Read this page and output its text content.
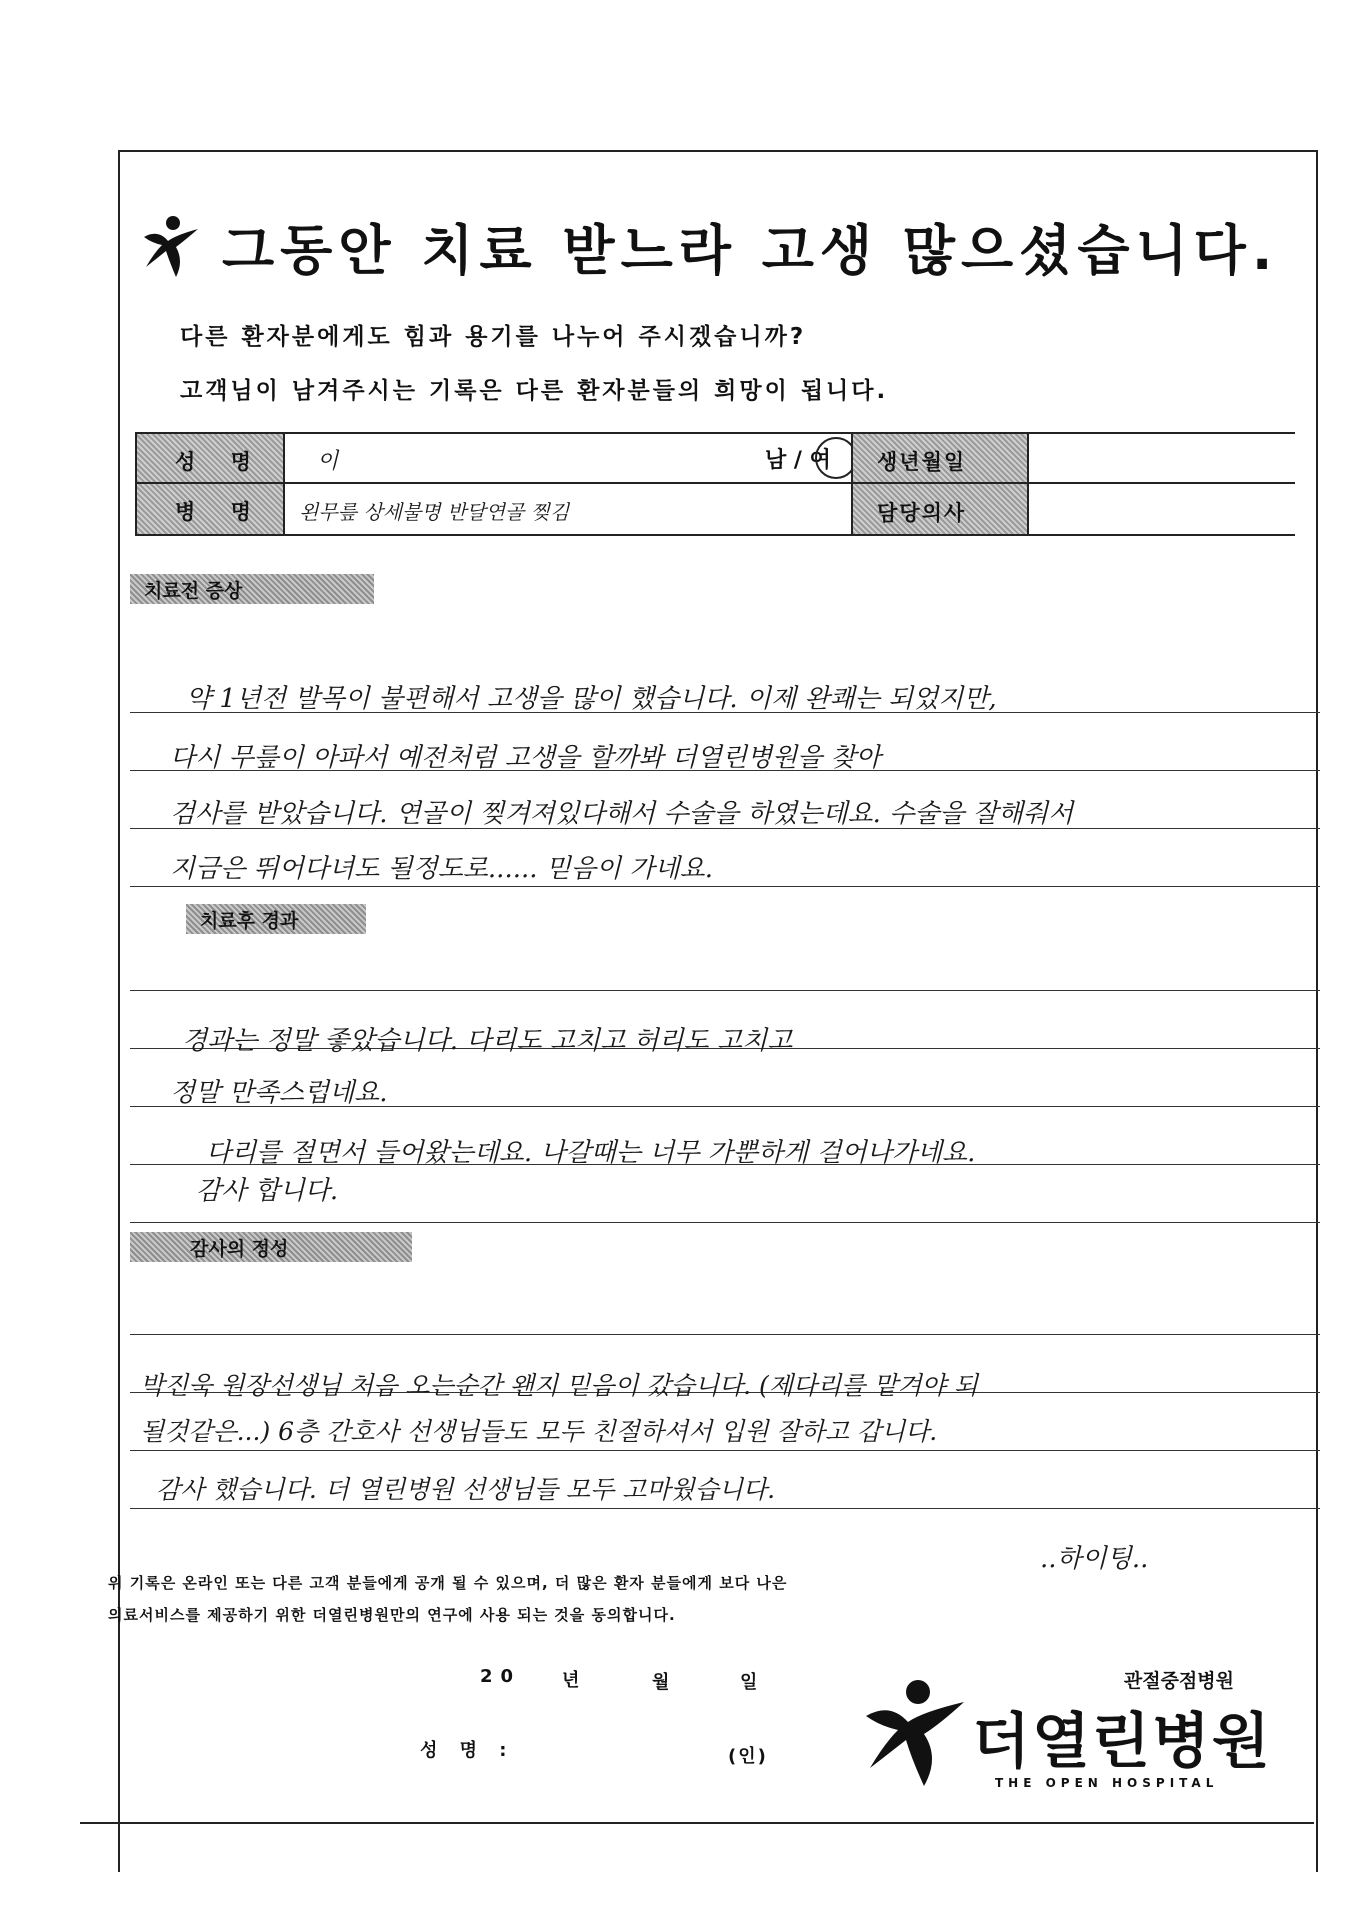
그동안 치료 받느라 고생 많으셨습니다.
다른 환자분에게도 힘과 용기를 나누어 주시겠습니까?
고객님이 남겨주시는 기록은 다른 환자분들의 희망이 됩니다.
성 명 이	남 / 여 생년월일
병 명 왼무릎 상세불명 반달연골 찢김	담당의사
치료전 증상
약 1년전 발목이 불편해서 고생을 많이 했습니다. 이제 완쾌는 되었지만,
다시 무릎이 아파서 예전처럼 고생을 할까봐 더열린병원을 찾아
검사를 받았습니다. 연골이 찢겨져있다해서 수술을 하였는데요. 수술을 잘해줘서
지금은 뛰어다녀도 될정도로...... 믿음이 가네요.
치료후 경과
경과는 정말 좋았습니다. 다리도 고치고 허리도 고치고
정말 만족스럽네요.
다리를 절면서 들어왔는데요. 나갈때는 너무 가뿐하게 걸어나가네요.
감사 합니다.
감사의 정성
박진욱 원장선생님 처음 오는순간 왠지 믿음이 갔습니다. (제다리를 맡겨야 되
될것같은...) 6층 간호사 선생님들도 모두 친절하셔서 입원 잘하고 갑니다.
감사 했습니다. 더 열린병원 선생님들 모두 고마웠습니다.
..하이팅..
위 기록은 온라인 또는 다른 고객 분들에게 공개 될 수 있으며, 더 많은 환자 분들에게 보다 나은
의료서비스를 제공하기 위한 더열린병원만의 연구에 사용 되는 것을 동의합니다.
20 년	월	일
성 명 :	(인)
관절중점병원
더열린병원
THE OPEN HOSPITAL
